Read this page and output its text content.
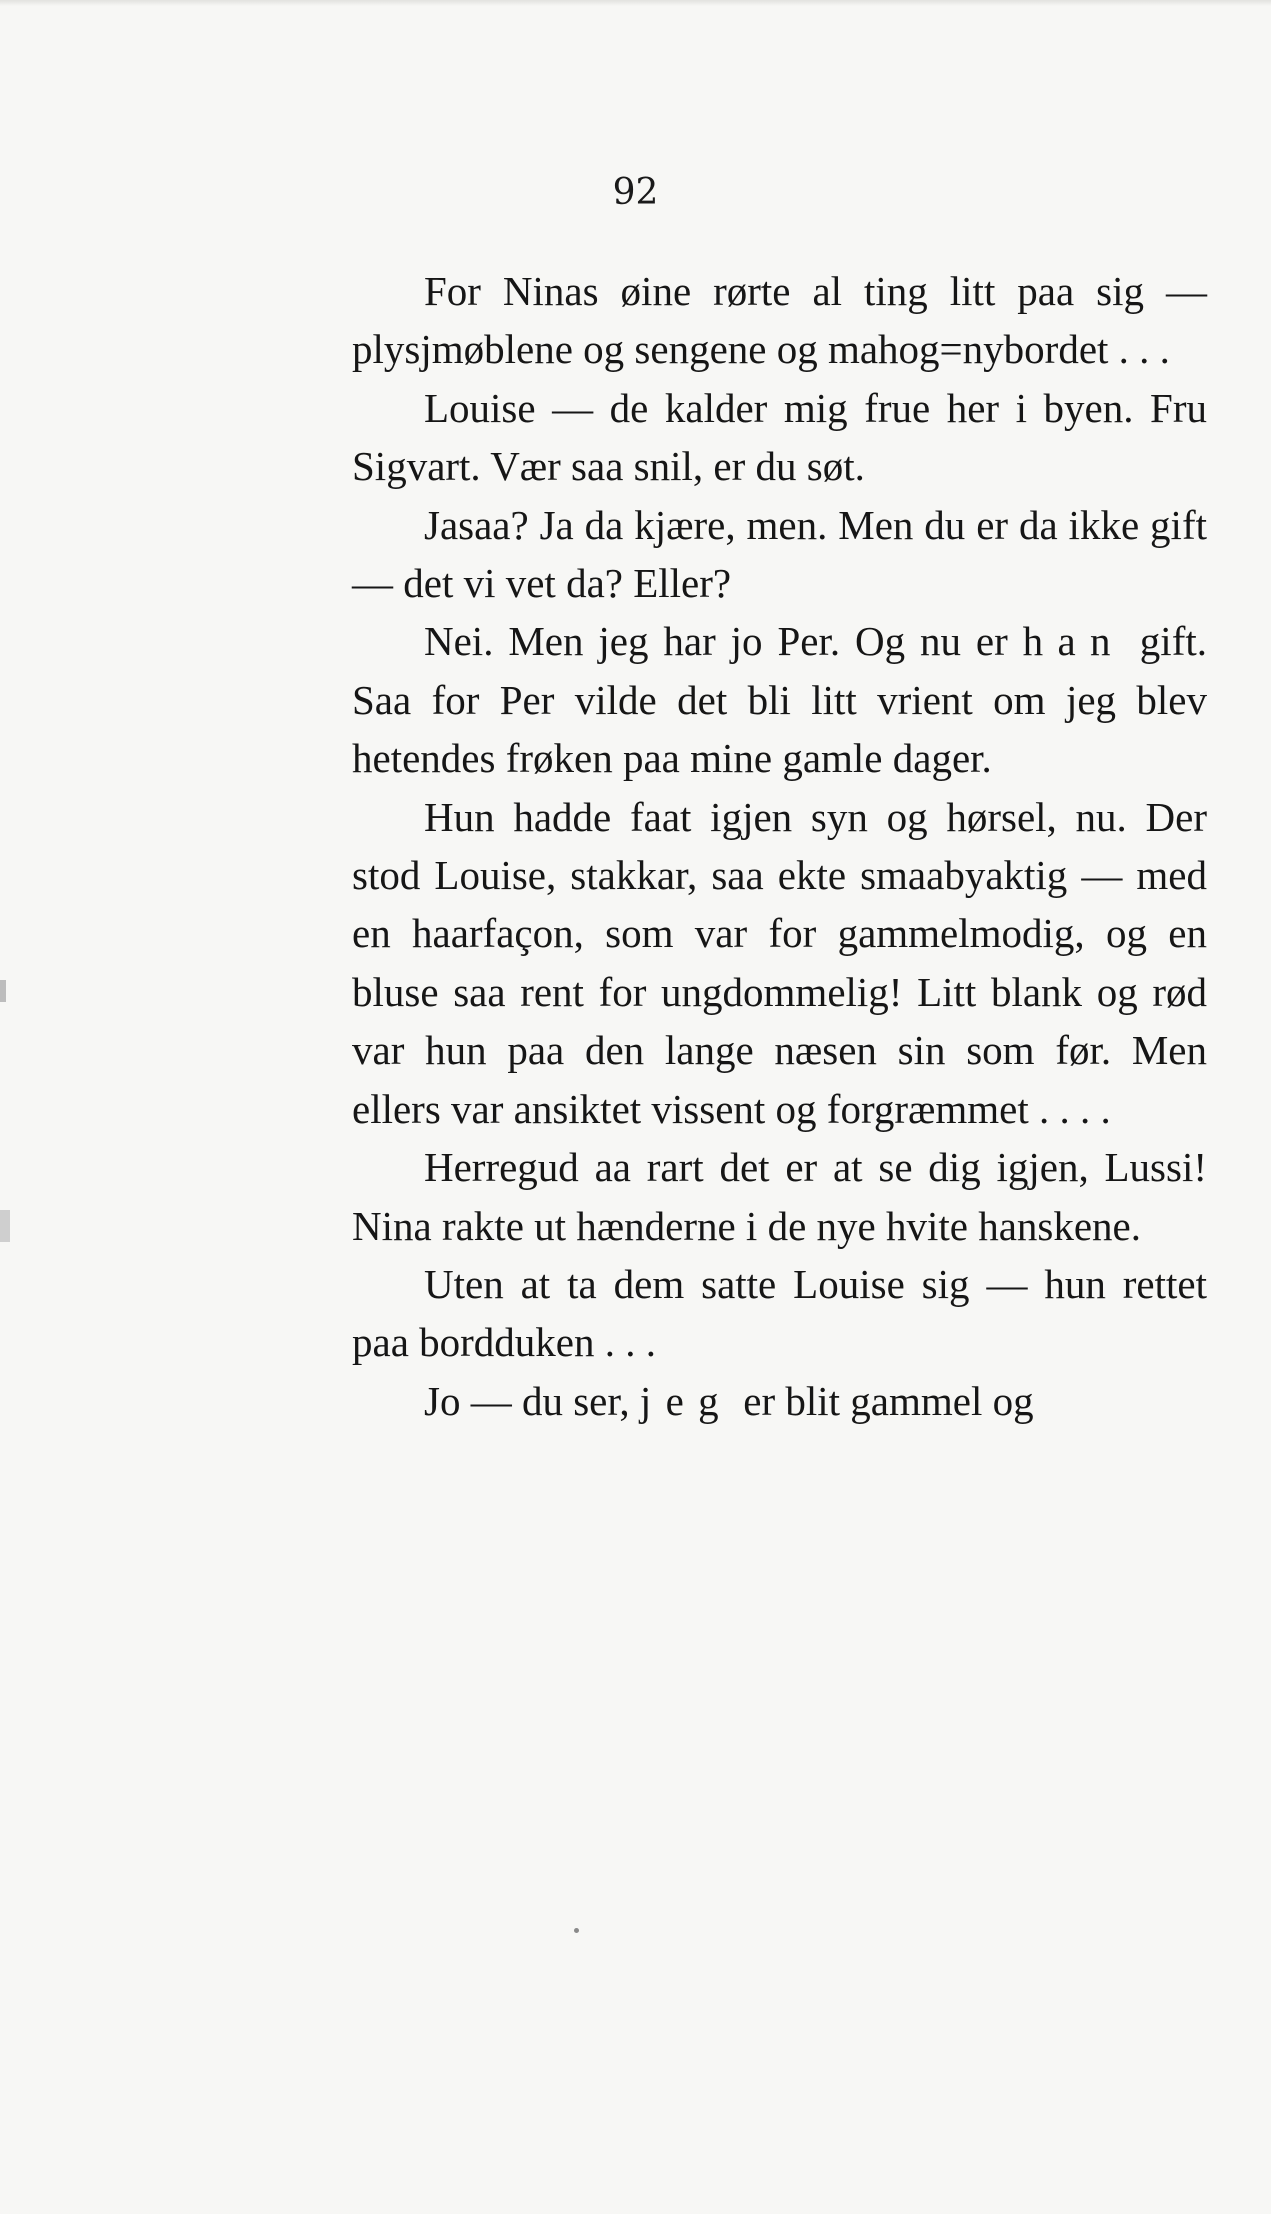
92

For Ninas øine rørte al ting litt paa sig — plysjmøblene og sengene og mahog=nybordet . . .

Louise — de kalder mig frue her i byen. Fru Sigvart. Vær saa snil, er du søt.

Jasaa? Ja da kjære, men. Men du er da ikke gift — det vi vet da? Eller?

Nei. Men jeg har jo Per. Og nu er han gift. Saa for Per vilde det bli litt vrient om jeg blev hetendes frøken paa mine gamle dager.

Hun hadde faat igjen syn og hørsel, nu. Der stod Louise, stakkar, saa ekte smaabyaktig — med en haarfaçon, som var for gammelmodig, og en bluse saa rent for ungdommelig! Litt blank og rød var hun paa den lange næsen sin som før. Men ellers var ansiktet vissent og forgræmmet . . . .

Herregud aa rart det er at se dig igjen, Lussi! Nina rakte ut hænderne i de nye hvite hanskene.

Uten at ta dem satte Louise sig — hun rettet paa bordduken . . .

Jo — du ser, jeg er blit gammel og
